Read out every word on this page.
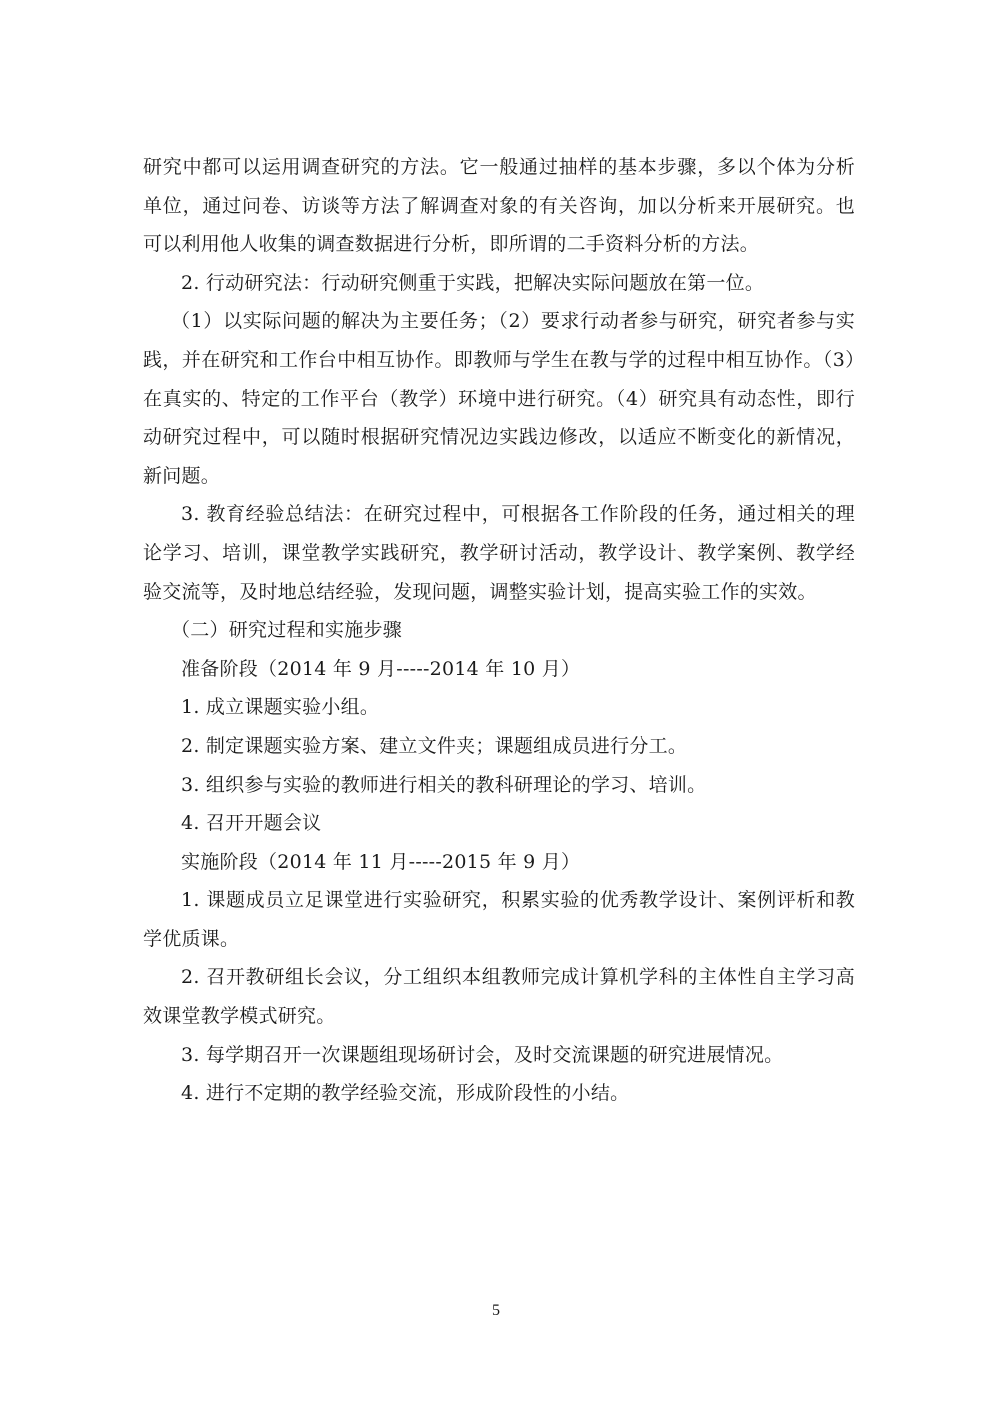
研究中都可以运用调查研究的方法。它一般通过抽样的基本步骤，多以个体为分析单位，通过问卷、访谈等方法了解调查对象的有关咨询，加以分析来开展研究。也可以利用他人收集的调查数据进行分析，即所谓的二手资料分析的方法。

2. 行动研究法：行动研究侧重于实践，把解决实际问题放在第一位。

（1）以实际问题的解决为主要任务；（2）要求行动者参与研究，研究者参与实践，并在研究和工作台中相互协作。即教师与学生在教与学的过程中相互协作。（3）在真实的、特定的工作平台（教学）环境中进行研究。（4）研究具有动态性，即行动研究过程中，可以随时根据研究情况边实践边修改，以适应不断变化的新情况，新问题。

3. 教育经验总结法：在研究过程中，可根据各工作阶段的任务，通过相关的理论学习、培训，课堂教学实践研究，教学研讨活动，教学设计、教学案例、教学经验交流等，及时地总结经验，发现问题，调整实验计划，提高实验工作的实效。

（二）研究过程和实施步骤

准备阶段（2014 年 9 月-----2014 年 10 月）

1. 成立课题实验小组。

2. 制定课题实验方案、建立文件夹；课题组成员进行分工。

3. 组织参与实验的教师进行相关的教科研理论的学习、培训。

4. 召开开题会议

实施阶段（2014 年 11 月-----2015 年 9 月）

1. 课题成员立足课堂进行实验研究，积累实验的优秀教学设计、案例评析和教学优质课。

2. 召开教研组长会议，分工组织本组教师完成计算机学科的主体性自主学习高效课堂教学模式研究。

3. 每学期召开一次课题组现场研讨会，及时交流课题的研究进展情况。

4. 进行不定期的教学经验交流，形成阶段性的小结。

5
